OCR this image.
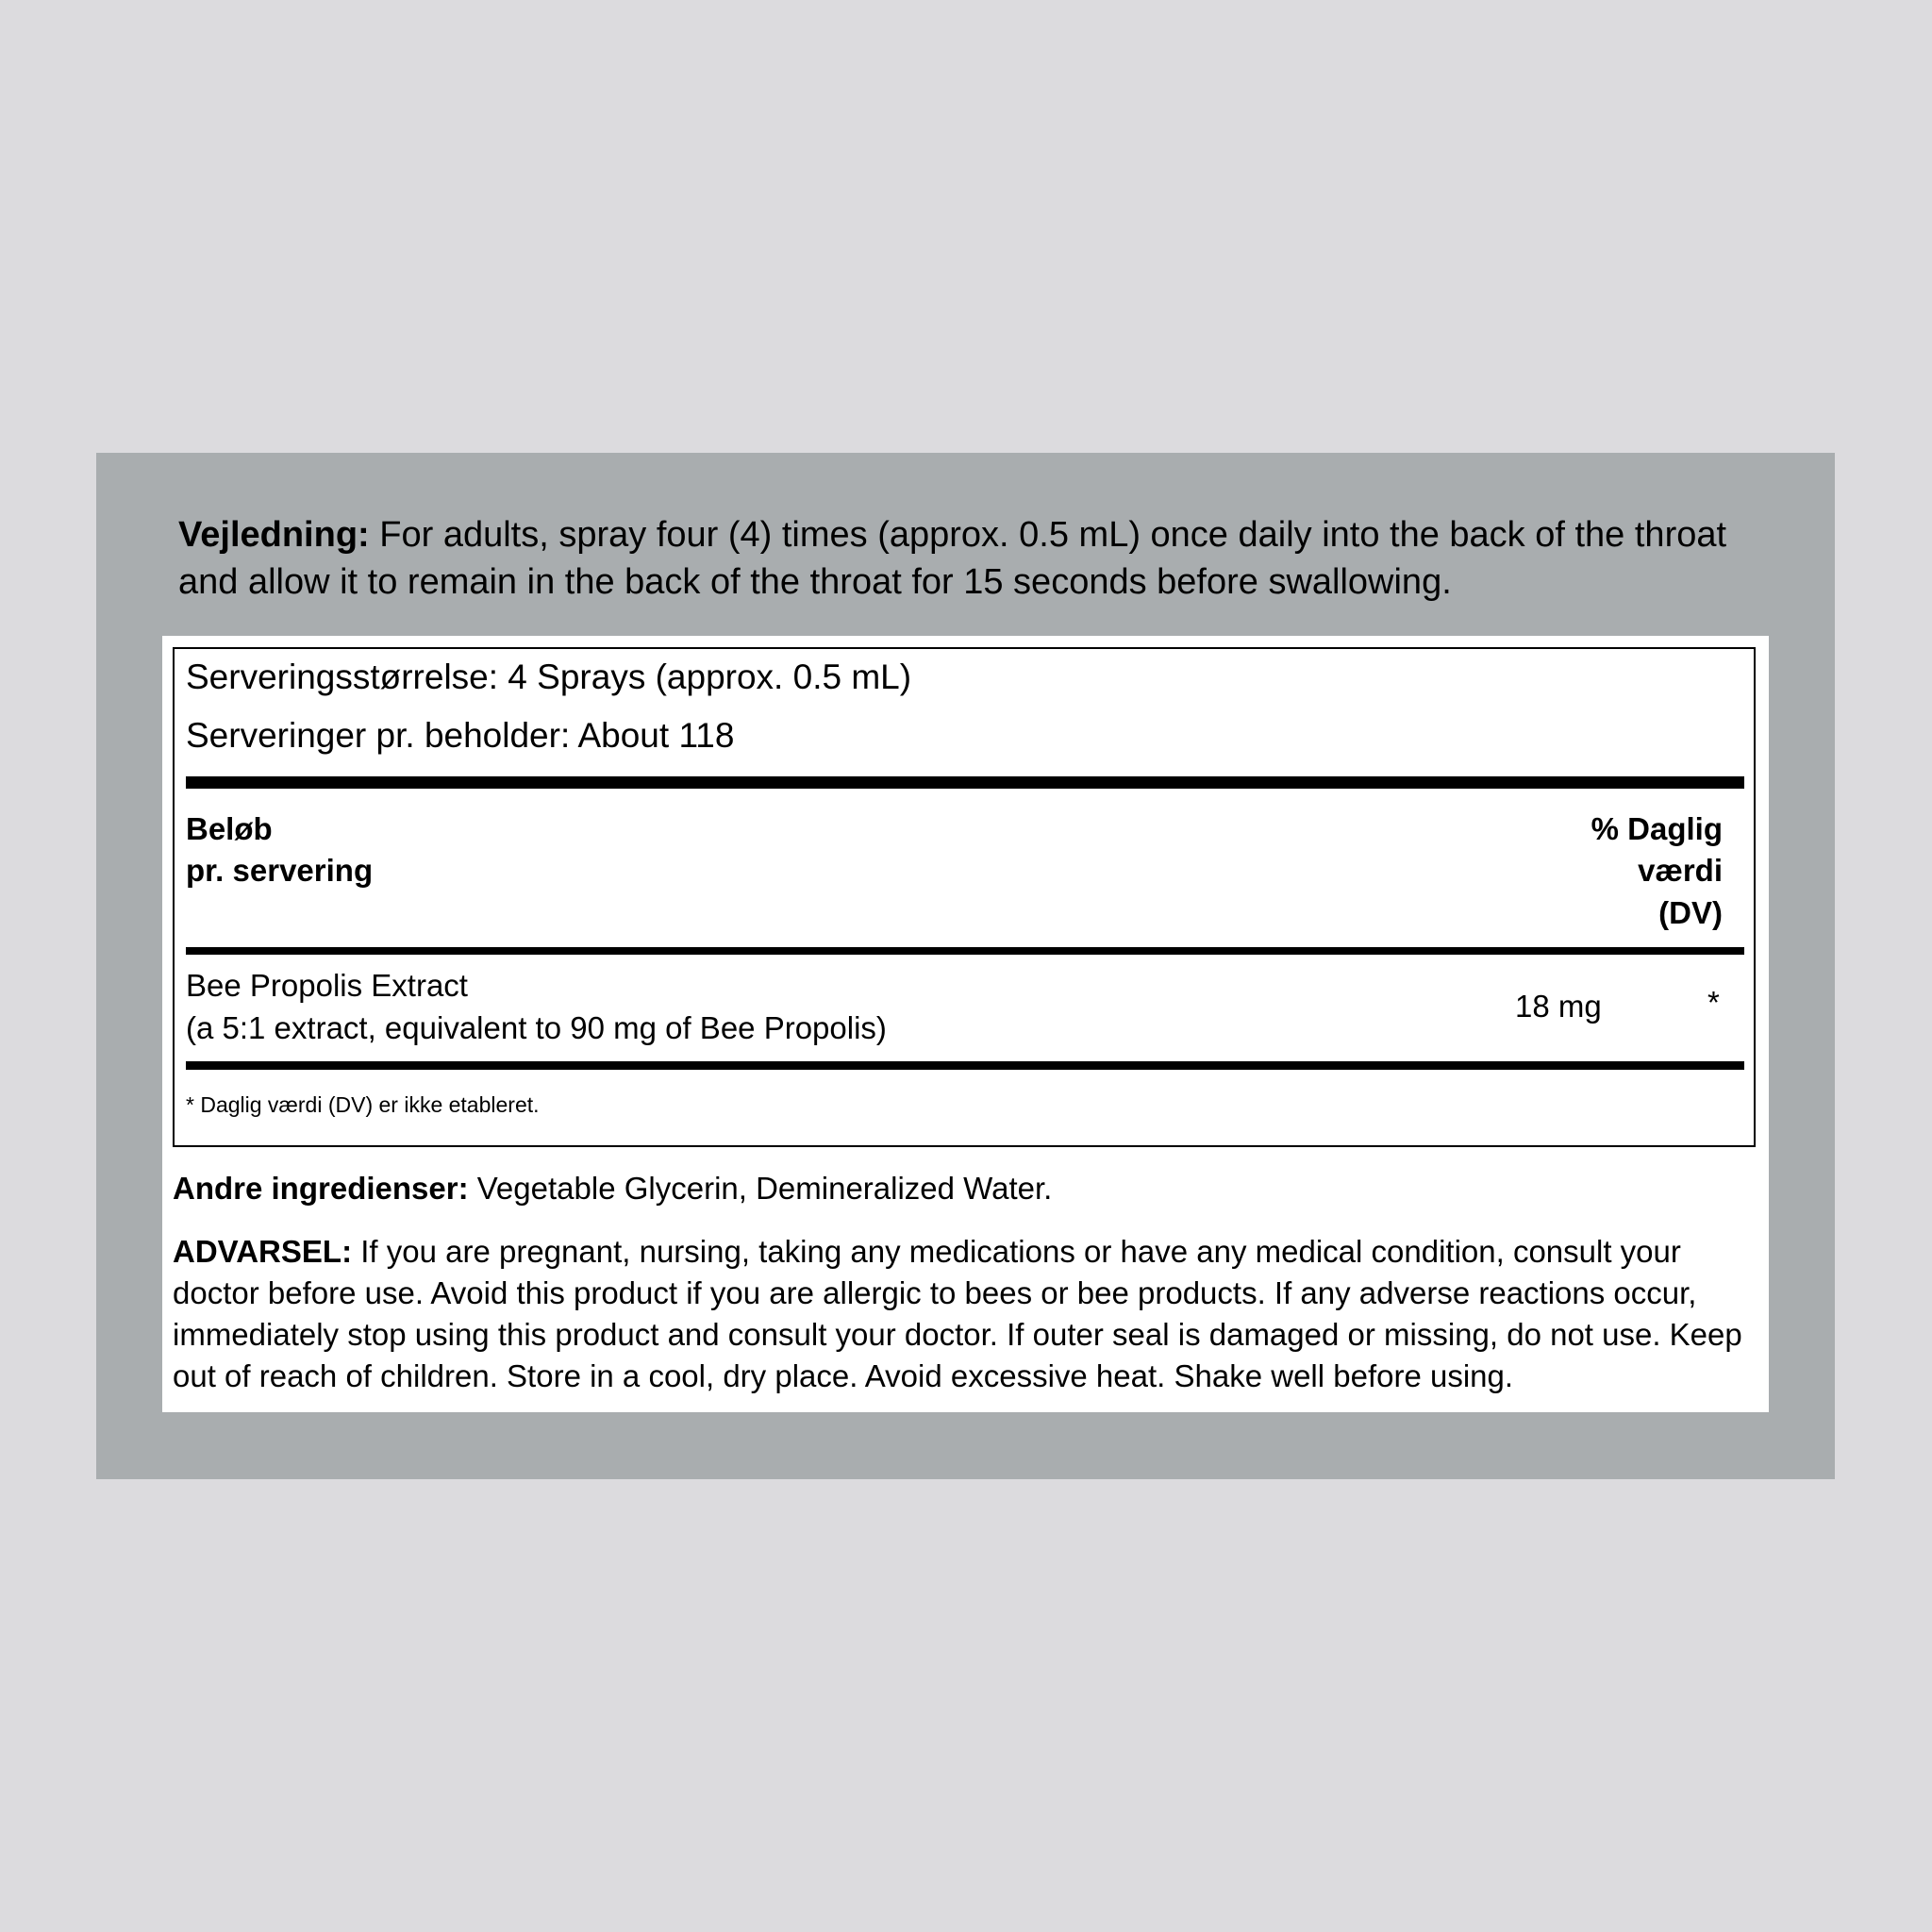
Vejledning: For adults, spray four (4) times (approx. 0.5 mL) once daily into the back of the throat and allow it to remain in the back of the throat for 15 seconds before swallowing.

Serveringsstørrelse: 4 Sprays (approx. 0.5 mL)
Serveringer pr. beholder: About 118
Beløb
pr. servering
% Daglig
værdi
(DV)
Bee Propolis Extract
(a 5:1 extract, equivalent to 90 mg of Bee Propolis)
18 mg	*
* Daglig værdi (DV) er ikke etableret.

Andre ingredienser: Vegetable Glycerin, Demineralized Water.

ADVARSEL: If you are pregnant, nursing, taking any medications or have any medical condition, consult your doctor before use. Avoid this product if you are allergic to bees or bee products. If any adverse reactions occur, immediately stop using this product and consult your doctor. If outer seal is damaged or missing, do not use. Keep out of reach of children. Store in a cool, dry place. Avoid excessive heat. Shake well before using.
